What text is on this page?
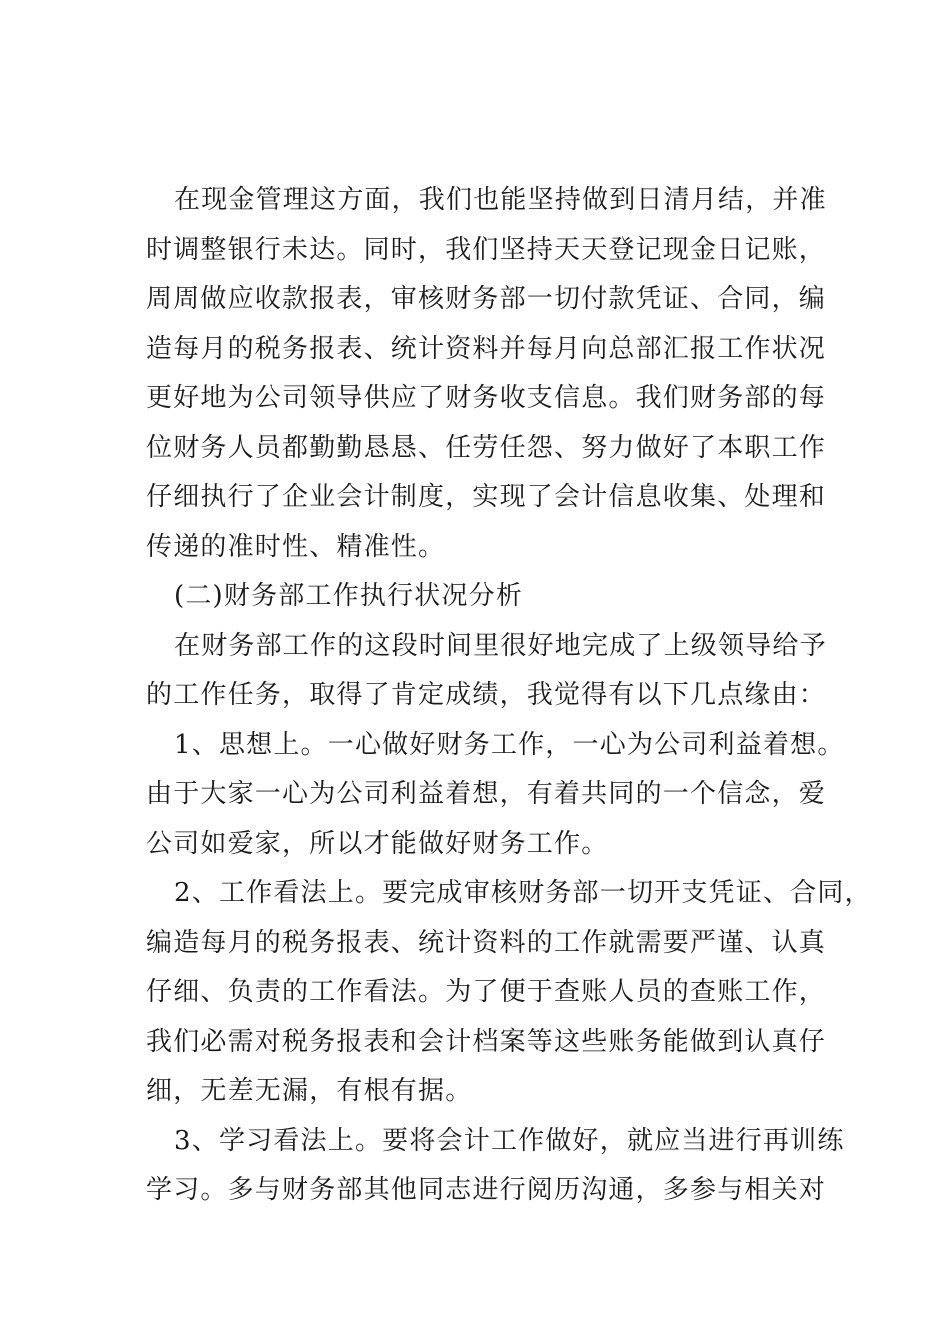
在现金管理这方面，我们也能坚持做到日清月结，并准
时调整银行未达。同时，我们坚持天天登记现金日记账，
周周做应收款报表，审核财务部一切付款凭证、合同，编
造每月的税务报表、统计资料并每月向总部汇报工作状况
更好地为公司领导供应了财务收支信息。我们财务部的每
位财务人员都勤勤恳恳、任劳任怨、努力做好了本职工作
仔细执行了企业会计制度，实现了会计信息收集、处理和
传递的准时性、精准性。
(二)财务部工作执行状况分析
在财务部工作的这段时间里很好地完成了上级领导给予
的工作任务，取得了肯定成绩，我觉得有以下几点缘由：
1、思想上。一心做好财务工作，一心为公司利益着想。
由于大家一心为公司利益着想，有着共同的一个信念，爱
公司如爱家，所以才能做好财务工作。
2、工作看法上。要完成审核财务部一切开支凭证、合同，
编造每月的税务报表、统计资料的工作就需要严谨、认真
仔细、负责的工作看法。为了便于查账人员的查账工作，
我们必需对税务报表和会计档案等这些账务能做到认真仔
细，无差无漏，有根有据。
3、学习看法上。要将会计工作做好，就应当进行再训练
学习。多与财务部其他同志进行阅历沟通，多参与相关对
